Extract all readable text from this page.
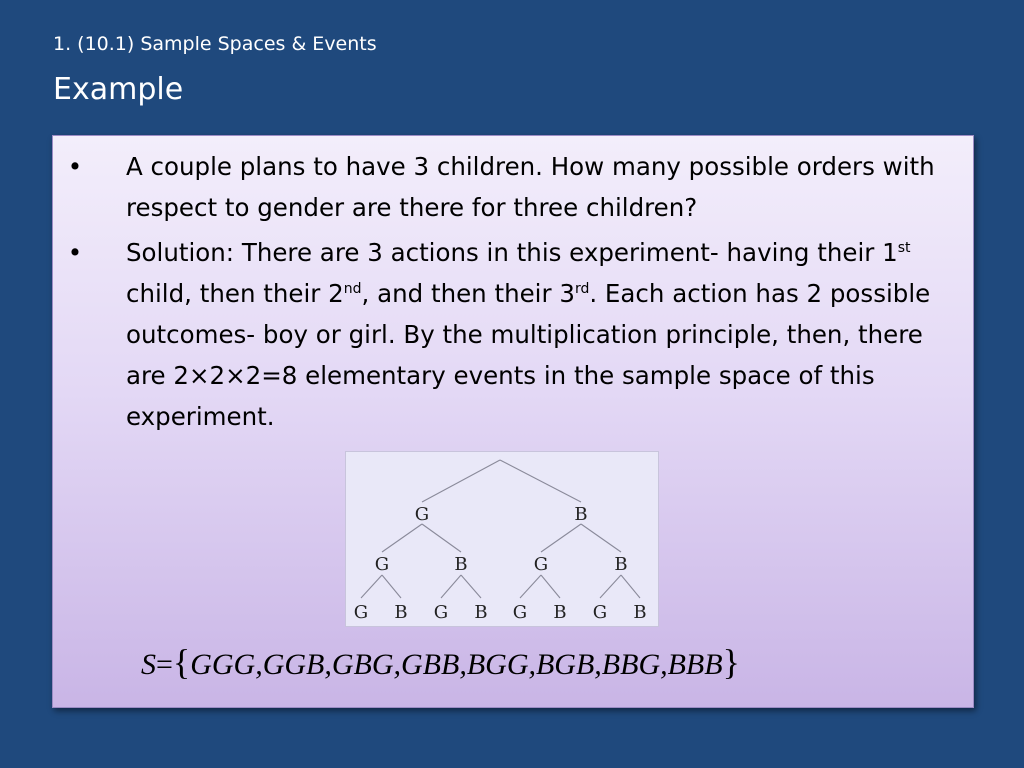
1. (10.1) Sample Spaces & Events
Example
• A couple plans to have 3 children. How many possible orders with respect to gender are there for three children?
• Solution: There are 3 actions in this experiment- having their 1st child, then their 2nd, and then their 3rd. Each action has 2 possible outcomes- boy or girl. By the multiplication principle, then, there are 2×2×2=8 elementary events in the sample space of this experiment.
G	B
G	B	G	B
G B G B G B G B
S={GGG,GGB,GBG,GBB,BGG,BGB,BBG,BBB}
